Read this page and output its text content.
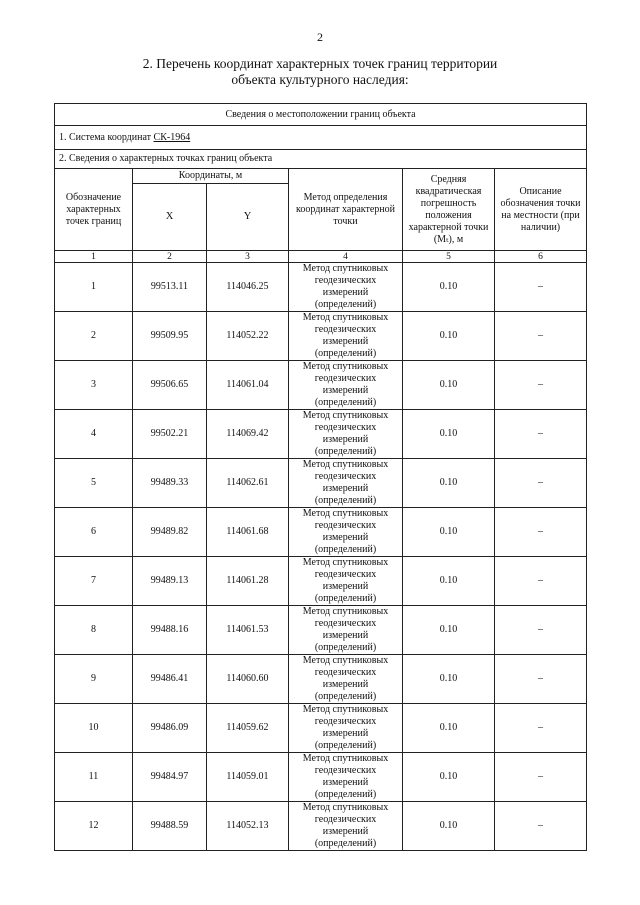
2
2. Перечень координат характерных точек границ территории
объекта культурного наследия:
Сведения о местоположении границ объекта					
1. Система координат СК-1964					
2. Сведения о характерных точках границ объекта					
Обозначение характерных точек границ	Координаты, м		Метод определения координат характерной точки	Средняя квадратическая погрешность положения характерной точки (Mₜ), м	Описание обозначения точки на местности (при наличии)
	X	Y			
1	2	3	4	5	6
1	99513.11	114046.25	Метод спутниковых геодезических измерений (определений)	0.10	–
2	99509.95	114052.22	Метод спутниковых геодезических измерений (определений)	0.10	–
3	99506.65	114061.04	Метод спутниковых геодезических измерений (определений)	0.10	–
4	99502.21	114069.42	Метод спутниковых геодезических измерений (определений)	0.10	–
5	99489.33	114062.61	Метод спутниковых геодезических измерений (определений)	0.10	–
6	99489.82	114061.68	Метод спутниковых геодезических измерений (определений)	0.10	–
7	99489.13	114061.28	Метод спутниковых геодезических измерений (определений)	0.10	–
8	99488.16	114061.53	Метод спутниковых геодезических измерений (определений)	0.10	–
9	99486.41	114060.60	Метод спутниковых геодезических измерений (определений)	0.10	–
10	99486.09	114059.62	Метод спутниковых геодезических измерений (определений)	0.10	–
11	99484.97	114059.01	Метод спутниковых геодезических измерений (определений)	0.10	–
12	99488.59	114052.13	Метод спутниковых геодезических измерений (определений)	0.10	–
